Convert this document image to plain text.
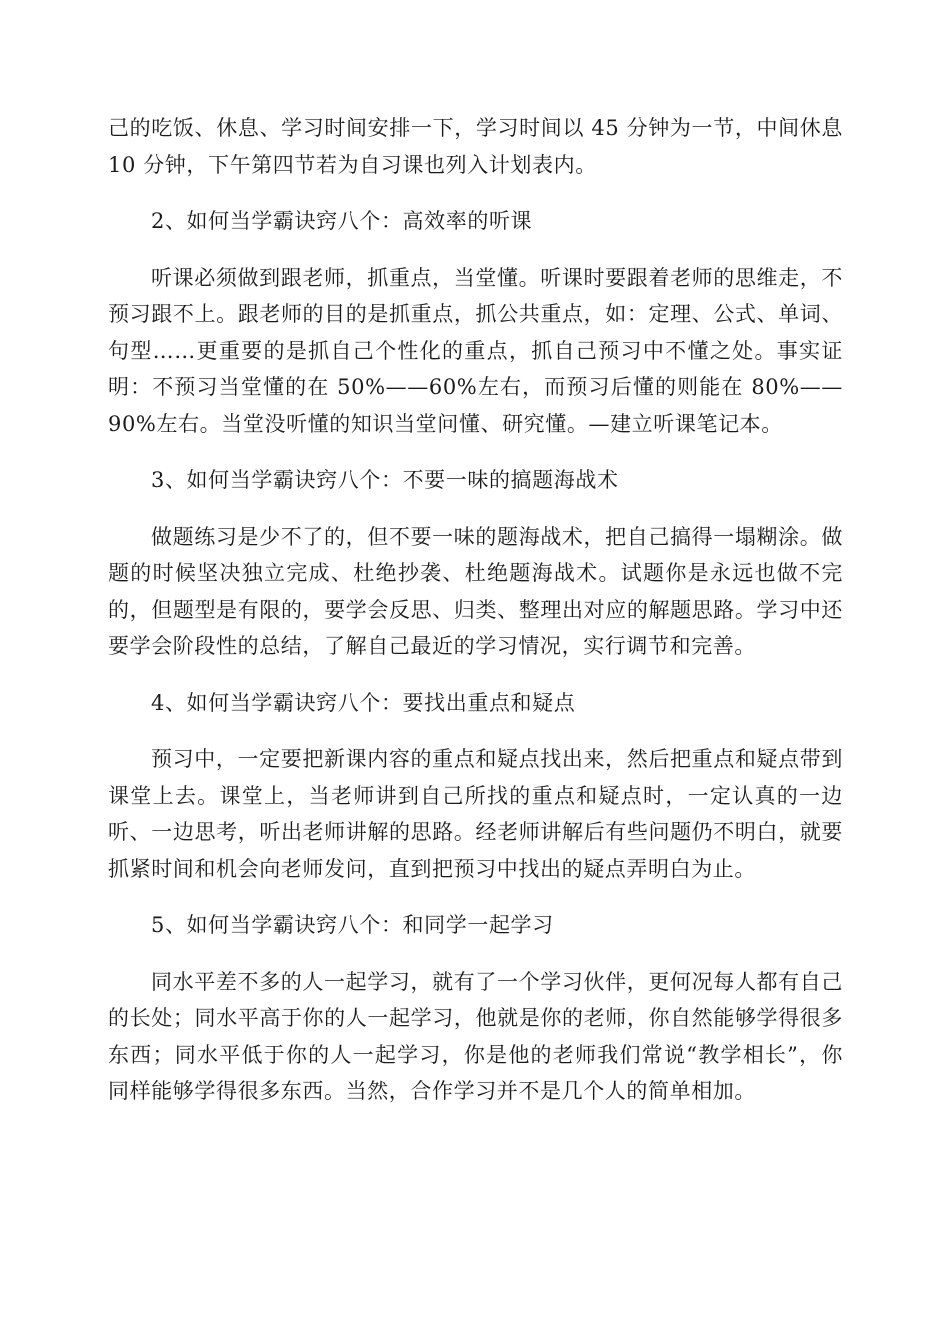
己的吃饭、休息、学习时间安排一下，学习时间以 45 分钟为一节，中间休息 10 分钟，下午第四节若为自习课也列入计划表内。

2、如何当学霸诀窍八个：高效率的听课

听课必须做到跟老师，抓重点，当堂懂。听课时要跟着老师的思维走，不预习跟不上。跟老师的目的是抓重点，抓公共重点，如：定理、公式、单词、句型……更重要的是抓自己个性化的重点，抓自己预习中不懂之处。事实证明：不预习当堂懂的在 50%——60%左右，而预习后懂的则能在 80%——90%左右。当堂没听懂的知识当堂问懂、研究懂。—建立听课笔记本。

3、如何当学霸诀窍八个：不要一味的搞题海战术

做题练习是少不了的，但不要一味的题海战术，把自己搞得一塌糊涂。做题的时候坚决独立完成、杜绝抄袭、杜绝题海战术。试题你是永远也做不完的，但题型是有限的，要学会反思、归类、整理出对应的解题思路。学习中还要学会阶段性的总结，了解自己最近的学习情况，实行调节和完善。

4、如何当学霸诀窍八个：要找出重点和疑点

预习中，一定要把新课内容的重点和疑点找出来，然后把重点和疑点带到课堂上去。课堂上，当老师讲到自己所找的重点和疑点时，一定认真的一边听、一边思考，听出老师讲解的思路。经老师讲解后有些问题仍不明白，就要抓紧时间和机会向老师发问，直到把预习中找出的疑点弄明白为止。

5、如何当学霸诀窍八个：和同学一起学习

同水平差不多的人一起学习，就有了一个学习伙伴，更何况每人都有自己的长处；同水平高于你的人一起学习，他就是你的老师，你自然能够学得很多东西；同水平低于你的人一起学习，你是他的老师我们常说“教学相长”，你同样能够学得很多东西。当然，合作学习并不是几个人的简单相加。
